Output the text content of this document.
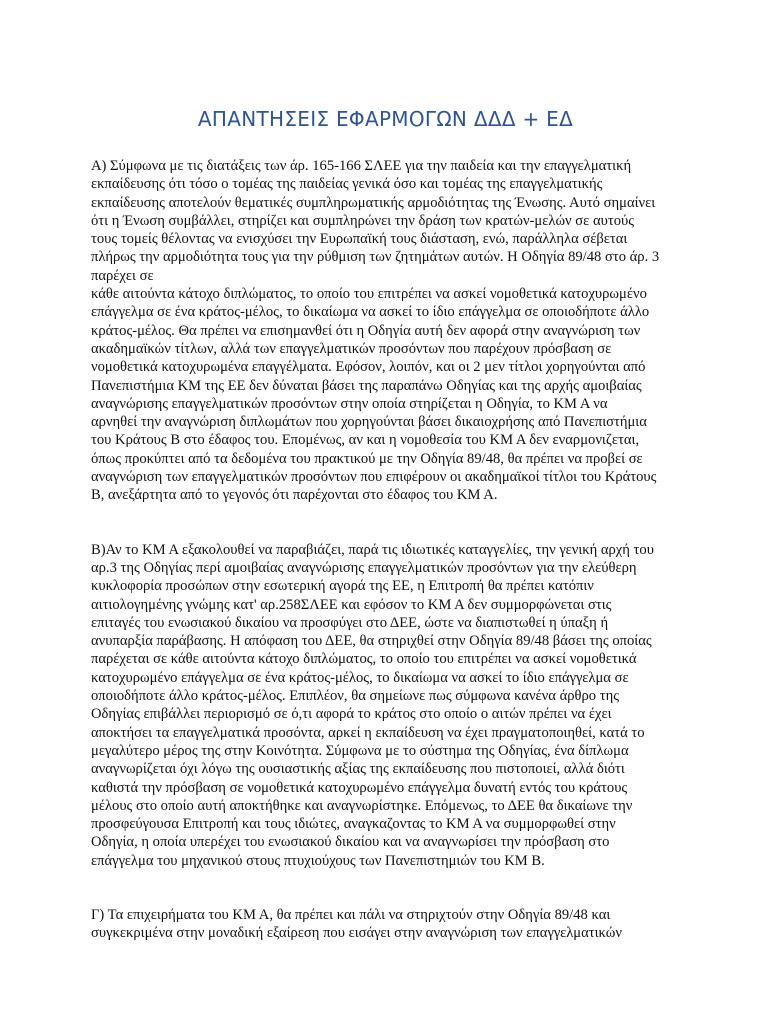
ΑΠΑΝΤΗΣΕΙΣ ΕΦΑΡΜΟΓΩΝ ΔΔΔ + ΕΔ

Α) Σύμφωνα με τις διατάξεις των άρ. 165-166 ΣΛΕΕ για την παιδεία και την επαγγελματική
εκπαίδευσης ότι τόσο ο τομέας της παιδείας γενικά όσο και τομέας της επαγγελματικής
εκπαίδευσης αποτελούν θεματικές συμπληρωματικής αρμοδιότητας της Ένωσης. Αυτό σημαίνει
ότι η Ένωση συμβάλλει, στηρίζει και συμπληρώνει την δράση των κρατών-μελών σε αυτούς
τους τομείς θέλοντας να ενισχύσει την Ευρωπαϊκή τους διάσταση, ενώ, παράλληλα σέβεται
πλήρως την αρμοδιότητα τους για την ρύθμιση των ζητημάτων αυτών. Η Οδηγία 89/48 στο άρ. 3
παρέχει σε
κάθε αιτούντα κάτοχο διπλώματος, το οποίο του επιτρέπει να ασκεί νομοθετικά κατοχυρωμένο
επάγγελμα σε ένα κράτος-μέλος, το δικαίωμα να ασκεί το ίδιο επάγγελμα σε οποιοδήποτε άλλο
κράτος-μέλος. Θα πρέπει να επισημανθεί ότι η Οδηγία αυτή δεν αφορά στην αναγνώριση των
ακαδημαϊκών τίτλων, αλλά των επαγγελματικών προσόντων που παρέχουν πρόσβαση σε
νομοθετικά κατοχυρωμένα επαγγέλματα. Εφόσον, λοιπόν, και οι 2 μεν τίτλοι χορηγούνται από
Πανεπιστήμια ΚΜ της ΕΕ δεν δύναται βάσει της παραπάνω Οδηγίας και της αρχής αμοιβαίας
αναγνώρισης επαγγελματικών προσόντων στην οποία στηρίζεται η Οδηγία, το ΚΜ Α να
αρνηθεί την αναγνώριση διπλωμάτων που χορηγούνται βάσει δικαιοχρήσης από Πανεπιστήμια
του Κράτους Β στο έδαφος του. Επομένως, αν και η νομοθεσία του ΚΜ Α δεν εναρμονιζεται,
όπως προκύπτει από τα δεδομένα του πρακτικού με την Οδηγία 89/48, θα πρέπει να προβεί σε
αναγνώριση των επαγγελματικών προσόντων που επιφέρουν οι ακαδημαϊκοί τίτλοι του Κράτους
Β, ανεξάρτητα από το γεγονός ότι παρέχονται στο έδαφος του ΚΜ Α.

Β)Αν το ΚΜ Α εξακολουθεί να παραβιάζει, παρά τις ιδιωτικές καταγγελίες, την γενική αρχή του
αρ.3 της Οδηγίας περί αμοιβαίας αναγνώρισης επαγγελματικών προσόντων για την ελεύθερη
κυκλοφορία προσώπων στην εσωτερική αγορά της ΕΕ, η Επιτροπή θα πρέπει κατόπιν
αιτιολογημένης γνώμης κατ' αρ.258ΣΛΕΕ και εφόσον το ΚΜ Α δεν συμμορφώνεται στις
επιταγές του ενωσιακού δικαίου να προσφύγει στο ΔΕΕ, ώστε να διαπιστωθεί η ύπαξη ή
ανυπαρξία παράβασης. Η απόφαση του ΔΕΕ, θα στηριχθεί στην Οδηγία 89/48 βάσει της οποίας
παρέχεται σε κάθε αιτούντα κάτοχο διπλώματος, το οποίο του επιτρέπει να ασκεί νομοθετικά
κατοχυρωμένο επάγγελμα σε ένα κράτος-μέλος, το δικαίωμα να ασκεί το ίδιο επάγγελμα σε
οποιοδήποτε άλλο κράτος-μέλος. Επιπλέον, θα σημείωνε πως σύμφωνα κανένα άρθρο της
Οδηγίας επιβάλλει περιορισμό σε ό,τι αφορά το κράτος στο οποίο ο αιτών πρέπει να έχει
αποκτήσει τα επαγγελματικά προσόντα, αρκεί η εκπαίδευση να έχει πραγματοποιηθεί, κατά το
μεγαλύτερο μέρος της στην Κοινότητα. Σύμφωνα με το σύστημα της Οδηγίας, ένα δίπλωμα
αναγνωρίζεται όχι λόγω της ουσιαστικής αξίας της εκπαίδευσης που πιστοποιεί, αλλά διότι
καθιστά την πρόσβαση σε νομοθετικά κατοχυρωμένο επάγγελμα δυνατή εντός του κράτους
μέλους στο οποίο αυτή αποκτήθηκε και αναγνωρίστηκε. Επόμενως, το ΔΕΕ θα δικαίωνε την
προσφεύγουσα Επιτροπή και τους ιδιώτες, αναγκαζοντας το ΚΜ Α να συμμορφωθεί στην
Οδηγία, η οποία υπερέχει του ενωσιακού δικαίου και να αναγνωρίσει την πρόσβαση στο
επάγγελμα του μηχανικού στους πτυχιούχους των Πανεπιστημιών του ΚΜ Β.

Γ) Τα επιχειρήματα του ΚΜ Α, θα πρέπει και πάλι να στηριχτούν στην Οδηγία 89/48 και
συγκεκριμένα στην μοναδική εξαίρεση που εισάγει στην αναγνώριση των επαγγελματικών
